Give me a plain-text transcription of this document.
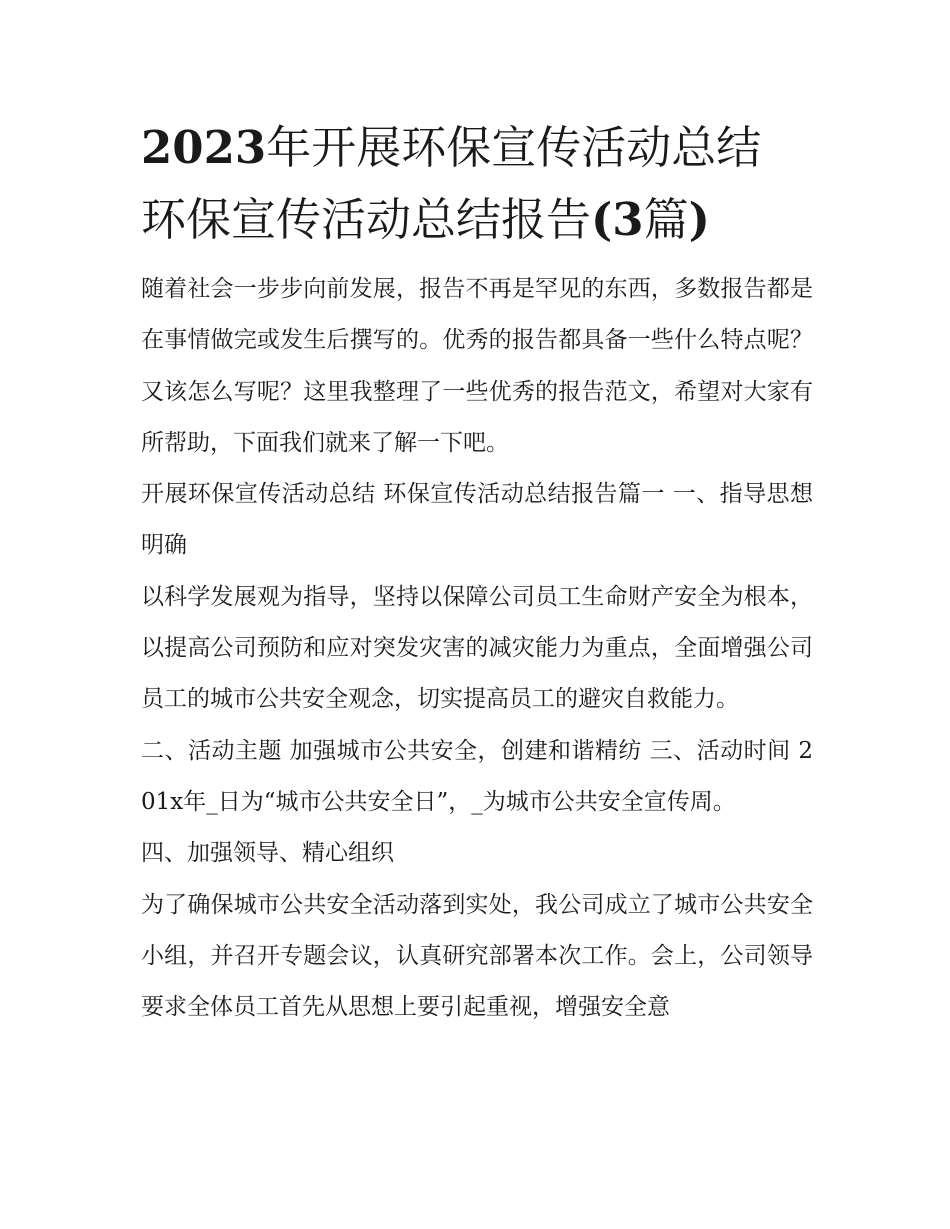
2023年开展环保宣传活动总结 环保宣传活动总结报告(3篇)

随着社会一步步向前发展，报告不再是罕见的东西，多数报告都是在事情做完或发生后撰写的。优秀的报告都具备一些什么特点呢？又该怎么写呢？这里我整理了一些优秀的报告范文，希望对大家有所帮助，下面我们就来了解一下吧。

开展环保宣传活动总结 环保宣传活动总结报告篇一 一、指导思想明确

以科学发展观为指导，坚持以保障公司员工生命财产安全为根本，以提高公司预防和应对突发灾害的减灾能力为重点，全面增强公司员工的城市公共安全观念，切实提高员工的避灾自救能力。

二、活动主题 加强城市公共安全，创建和谐精纺 三、活动时间 201x年_日为“城市公共安全日”，_为城市公共安全宣传周。

四、加强领导、精心组织

为了确保城市公共安全活动落到实处，我公司成立了城市公共安全小组，并召开专题会议，认真研究部署本次工作。会上，公司领导要求全体员工首先从思想上要引起重视，增强安全意
